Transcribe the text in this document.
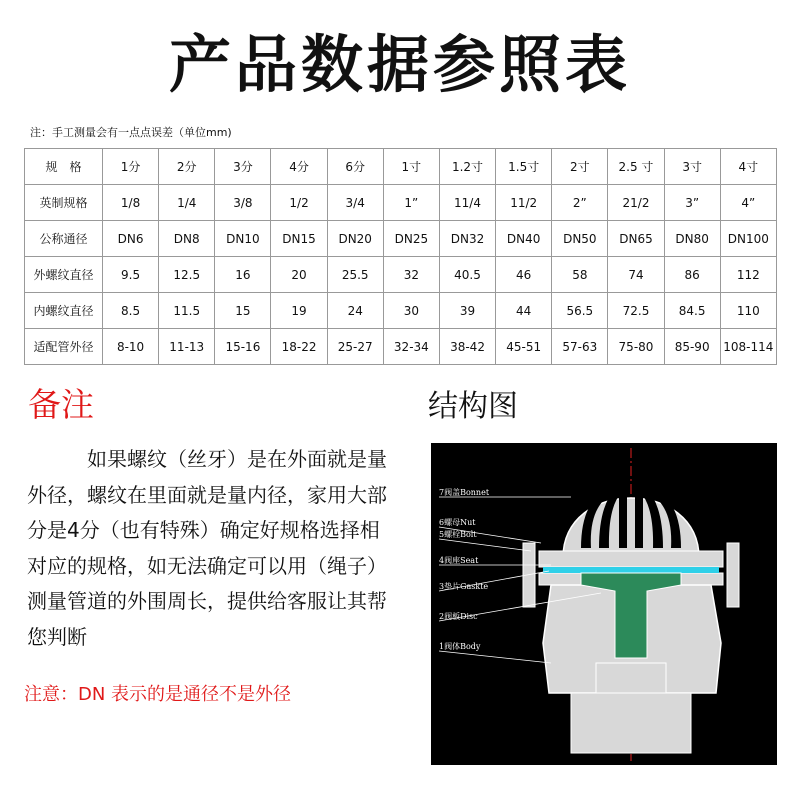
产品数据参照表
注：手工测量会有一点点误差（单位mm)
规　格	1分	2分	3分	4分	6分	1寸	1.2寸	1.5寸	2寸	2.5 寸	3寸	4寸
英制规格	1/8	1/4	3/8	1/2	3/4	1”	11/4	11/2	2”	21/2	3”	4”
公称通径	DN6	DN8	DN10	DN15	DN20	DN25	DN32	DN40	DN50	DN65	DN80	DN100
外螺纹直径	9.5	12.5	16	20	25.5	32	40.5	46	58	74	86	112
内螺纹直径	8.5	11.5	15	19	24	30	39	44	56.5	72.5	84.5	110
适配管外径	8-10	11-13	15-16	18-22	25-27	32-34	38-42	45-51	57-63	75-80	85-90	108-114
备注	结构图

如果螺纹（丝牙）是在外面就是量外径，螺纹在里面就是量内径，家用大部分是4分（也有特殊）确定好规格选择相对应的规格，如无法确定可以用（绳子）测量管道的外围周长，提供给客服让其帮您判断

注意：DN 表示的是通径不是外径
7阀盖Bonnet
6螺母Nut
5螺栓Bolt
4阀座Seat
3垫片Gaskte
2阀板Disc
1阀体Body
